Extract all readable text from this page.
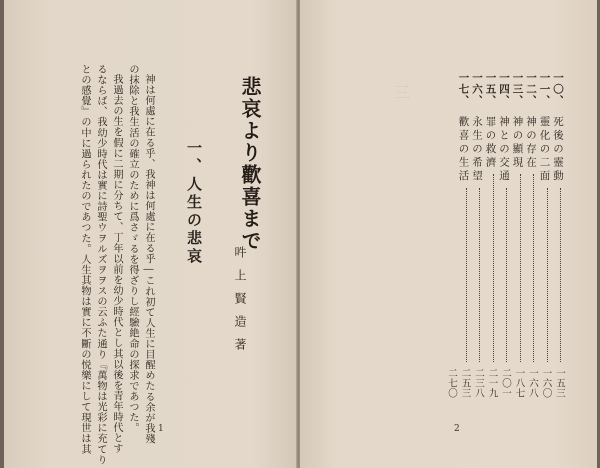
神は何處に在る乎、我神は何處に在る乎―これ初て人生に目醒めたる余が我殘
の抹除と我生活の確立のために爲さゞるを得ざりし經驗絶命の探求であつた。
我過去の生を假に二期に分ちて、丁年以前を幼少時代とし其以後を青年時代とす
るならば、我幼少時代は實に詩聖ウヲルズヲヲスの云ふた通り『萬物は光彩に充てり
との感覺』の中に過られたのであつた。人生其物は實に不斷の悦樂にして現世は其	一、人生の悲哀 悲哀より歡喜まで
吽上賢造著
1
三	一〇、
死後の靈動
一五三
一一、
靈化の二面
一六〇
一二、
神の存在
一六八
一三、
神の顯現
一八七
一四、
神との交通
二〇一
一五、
罪の救濟
二一九
一六、
永生の希望
二三八
一七、
歡喜の生活
二五三
二七〇
2
